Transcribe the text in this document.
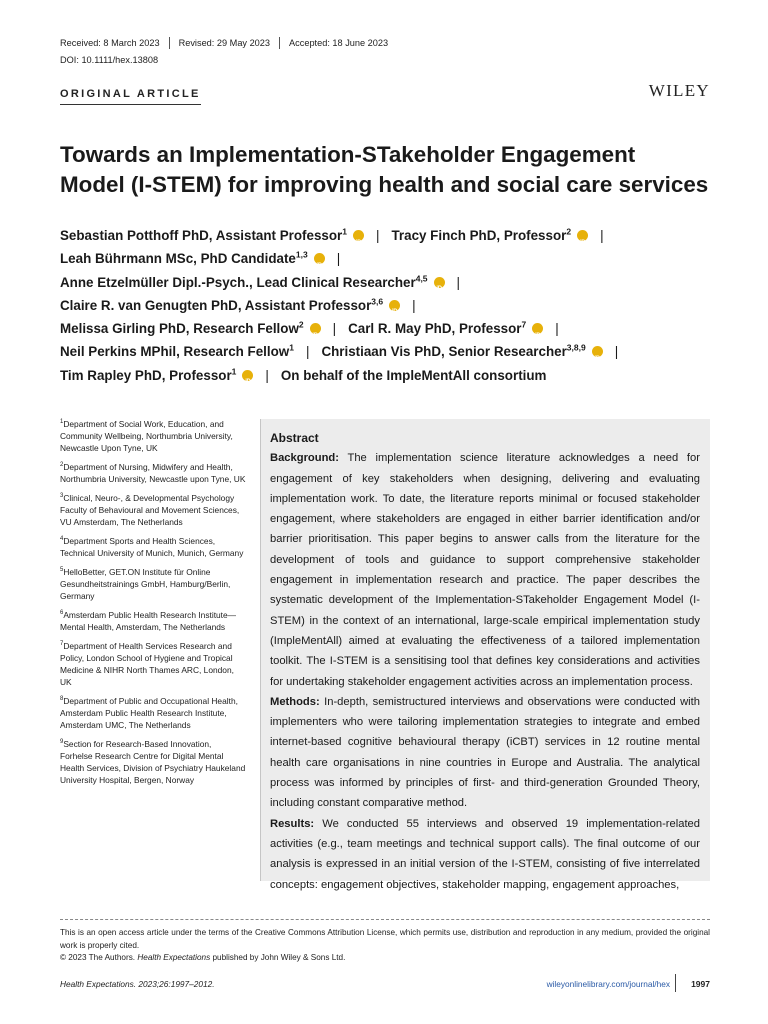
Received: 8 March 2023 Revised: 29 May 2023 Accepted: 18 June 2023
DOI: 10.1111/hex.13808
ORIGINAL ARTICLE	WILEY
Towards an Implementation-STakeholder Engagement
Model (I-STEM) for improving health and social care services
Sebastian Potthoff PhD, Assistant Professor$^1$ iD | Tracy Finch PhD, Professor$^2$ iD |
Leah Bührmann MSc, PhD Candidate$^{1,3}$ iD |
Anne Etzelmüller Dipl.-Psych., Lead Clinical Researcher$^{4,5}$ iD |
Claire R. van Genugten PhD, Assistant Professor$^{3,6}$ iD |
Melissa Girling PhD, Research Fellow$^2$ iD | Carl R. May PhD, Professor$^7$ iD |
Neil Perkins MPhil, Research Fellow$^1$ | Christiaan Vis PhD, Senior Researcher$^{3,8,9}$ iD |
Tim Rapley PhD, Professor$^1$ iD | On behalf of the ImpleMentAll consortium
$^1$Department of Social Work, Education, and Community Wellbeing, Northumbria University, Newcastle Upon Tyne, UK
$^2$Department of Nursing, Midwifery and Health, Northumbria University, Newcastle upon Tyne, UK
$^3$Clinical, Neuro-, & Developmental Psychology Faculty of Behavioural and Movement Sciences, VU Amsterdam, The Netherlands
$^4$Department Sports and Health Sciences, Technical University of Munich, Munich, Germany
$^5$HelloBetter, GET.ON Institute für Online Gesundheitstrainings GmbH, Hamburg/Berlin, Germany
$^6$Amsterdam Public Health Research Institute—Mental Health, Amsterdam, The Netherlands
$^7$Department of Health Services Research and Policy, London School of Hygiene and Tropical Medicine & NIHR North Thames ARC, London, UK
$^8$Department of Public and Occupational Health, Amsterdam Public Health Research Institute, Amsterdam UMC, The Netherlands
$^9$Section for Research-Based Innovation, Forhelse Research Centre for Digital Mental Health Services, Division of Psychiatry Haukeland University Hospital, Bergen, Norway
Abstract

Background: The implementation science literature acknowledges a need for engagement of key stakeholders when designing, delivering and evaluating implementation work. To date, the literature reports minimal or focused stakeholder engagement, where stakeholders are engaged in either barrier identification and/or barrier prioritisation. This paper begins to answer calls from the literature for the development of tools and guidance to support comprehensive stakeholder engagement in implementation research and practice. The paper describes the systematic development of the Implementation-STakeholder Engagement Model (I-STEM) in the context of an international, large-scale empirical implementation study (ImpleMentAll) aimed at evaluating the effectiveness of a tailored implementation toolkit. The I-STEM is a sensitising tool that defines key considerations and activities for undertaking stakeholder engagement activities across an implementation process.

Methods: In-depth, semistructured interviews and observations were conducted with implementers who were tailoring implementation strategies to integrate and embed internet-based cognitive behavioural therapy (iCBT) services in 12 routine mental health care organisations in nine countries in Europe and Australia. The analytical process was informed by principles of first- and third-generation Grounded Theory, including constant comparative method.

Results: We conducted 55 interviews and observed 19 implementation-related activities (e.g., team meetings and technical support calls). The final outcome of our analysis is expressed in an initial version of the I-STEM, consisting of five interrelated concepts: engagement objectives, stakeholder mapping, engagement approaches,

This is an open access article under the terms of the Creative Commons Attribution License, which permits use, distribution and reproduction in any medium, provided the original work is properly cited.
© 2023 The Authors. Health Expectations published by John Wiley & Sons Ltd.
Health Expectations. 2023;26:1997–2012.	wileyonlinelibrary.com/journal/hex 1997
